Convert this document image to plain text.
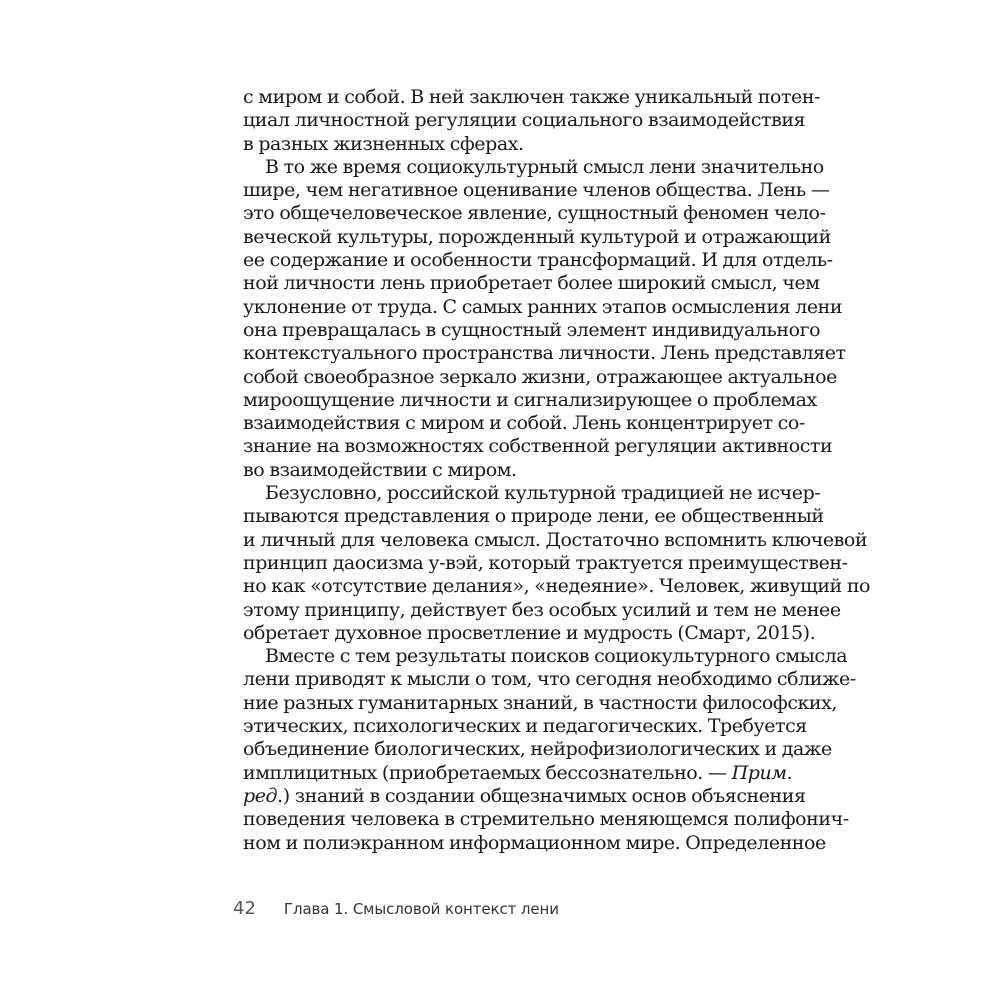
с миром и собой. В ней заключен также уникальный потен-
циал личностной регуляции социального взаимодействия
в разных жизненных сферах.
В то же время социокультурный смысл лени значительно
шире, чем негативное оценивание членов общества. Лень —
это общечеловеческое явление, сущностный феномен чело-
веческой культуры, порожденный культурой и отражающий
ее содержание и особенности трансформаций. И для отдель-
ной личности лень приобретает более широкий смысл, чем
уклонение от труда. С самых ранних этапов осмысления лени
она превращалась в сущностный элемент индивидуального
контекстуального пространства личности. Лень представляет
собой своеобразное зеркало жизни, отражающее актуальное
мироощущение личности и сигнализирующее о проблемах
взаимодействия с миром и собой. Лень концентрирует со-
знание на возможностях собственной регуляции активности
во взаимодействии с миром.
Безусловно, российской культурной традицией не исчер-
пываются представления о природе лени, ее общественный
и личный для человека смысл. Достаточно вспомнить ключевой
принцип даосизма у-вэй, который трактуется преимуществен-
но как «отсутствие делания», «недеяние». Человек, живущий по
этому принципу, действует без особых усилий и тем не менее
обретает духовное просветление и мудрость (Смарт, 2015).
Вместе с тем результаты поисков социокультурного смысла
лени приводят к мысли о том, что сегодня необходимо сближе-
ние разных гуманитарных знаний, в частности философских,
этических, психологических и педагогических. Требуется
объединение биологических, нейрофизиологических и даже
имплицитных (приобретаемых бессознательно. — Прим.
ред.) знаний в создании общезначимых основ объяснения
поведения человека в стремительно меняющемся полифонич-
ном и полиэкранном информационном мире. Определенное
42 Глава 1. Смысловой контекст лени
